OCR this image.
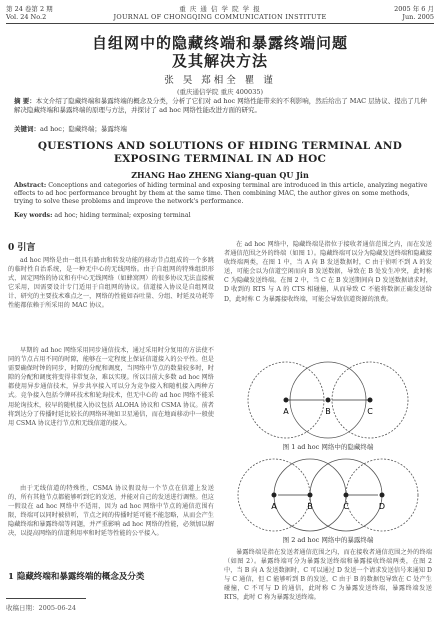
第 24 卷第 2 期	重 庆 通 信 学 院 学 报	2005 年 6 月
Vol. 24 No.2	JOURNAL OF CHONGQING COMMUNICATION INSTITUTE	Jun. 2005
自组网中的隐藏终端和暴露终端问题
及其解决方法
张 昊 郑相全 瞿 谨
(重庆通信学院 重庆 400035)
摘 要：本文介绍了隐藏终端和暴露终端的概念及分类，分析了它们对 ad hoc 网络性能带来的不利影响，然后给出了 MAC 层协议、提出了几种解决隐藏终端和暴露终端的原理与方法，并探讨了 ad hoc 网络性能改进方面的研究。
关键词：ad hoc；隐藏终端；暴露终端
QUESTIONS AND SOLUTIONS OF HIDING TERMINAL AND
EXPOSING TERMINAL IN AD HOC
ZHANG Hao ZHENG Xiang-quan QU Jin
Abstract: Conceptions and categories of hiding terminal and exposing terminal are introduced in this article, analyzing negative effects to ad hoc performance brought by them at the same time. Then combining MAC, the author gives on some methods, trying to solve these problems and improve the network's performance.
Key words: ad hoc; hiding terminal; exposing terminal
0 引言
ad hoc 网络是由一组具有路由和转发功能的移动节点组成的一个多跳的临时性自治系统，是一种无中心的无线网络。由于自组网的特殊组织形式，固定网络的协议和有中心无线网络（如蜂窝网）的很多协议无法直接被它采用，因需要设计专门适用于自组网的协议。信道接入协议是自组网设计、研究的主要技术难点之一，网络的性能如吞吐量、分组、时延及功耗等性能都依赖于所采用的 MAC 协议。
早期的 ad hoc 网络采用同步通信技术，通过采用时分复用的方法使不同的节点占用不同的时隙，能够在一定程度上保证信道接入的公平性。但是需要确保时钟的同步，时隙的分配和调度，当网络中节点的数量较多时，时隙的分配和调度将变得非常复杂，难以实现。所以目前大多数 ad hoc 网络都使用异步通信技术，异步共享接入可以分为竞争接入和随机接入两种方式。竞争接入包括令牌环技术和轮询技术，但无中心的 ad hoc 网络不能采用轮询技术，较早的随机接入协议包括 ALOHA 协议和 CSMA 协议。前者将到达分了传播时延比较长的网络环境如卫星通信，而在地面移动中一般使用 CSMA 协议进行节点和无线信道的接入。
由于无线信道的特殊性，CSMA 协议假设每一个节点在信道上发送的，所有其他节点都能够听到它的发送，并能对自己的发送进行调整。但这一假设在 ad hoc 网络中不适用，因为 ad hoc 网络中节点的通信范围有限，终端可以同时被侦听，节点之间的传播时延可能不能忽略，从而会产生隐藏终端和暴露终端等问题，并严重影响 ad hoc 网络的性能，必须加以解决，以提高网络的信道利用率和时延等性能的公平接入。
1 隐藏终端和暴露终端的概念及分类
在 ad hoc 网络中，隐藏终端是指位于接收者通信范围之内，而在发送者通信范围之外的终端（如图 1）。隐藏终端可以分为隐藏发送终端和隐藏接收终端两类，在图 1 中，当 A 向 B 发送数据时，C 由于侦听不到 A 的发送，可能会以为信道空闲而向 B 发送数据，导致在 B 处发生冲突，此时称 C 为隐藏发送终端。在图 2 中，当 C 在 B 发送期间向 D 发送数据请求时，D 收到的 RTS 与 A 的 CTS 相碰撞，从而导致 C 不能将数据正确发送给 D，此时称 C 为暴露接收终端，可能会导致信道资源的浪费。
A	B	C
图 1 ad hoc 网络中的隐藏终端
A	B	C	D
图 2 ad hoc 网络中的暴露终端
暴露终端是指在发送者通信范围之内，而在接收者通信范围之外的终端（如图 2）。暴露终端可分为暴露发送终端和暴露接收终端两类，在图 2 中，当 B 向 A 发送数据时，C 可以通过 D 发送一个请求发送信号来通知 D 与 C 通信，但 C 能够听到 B 的发送，C 由于 B 的数据包导致在 C 处产生碰撞，C 不可与 D 的通信，此时称 C 为暴露发送终端，暴露终端发送 RTS，此时 C 称为暴露发送终端。
收稿日期：2005-06-24
